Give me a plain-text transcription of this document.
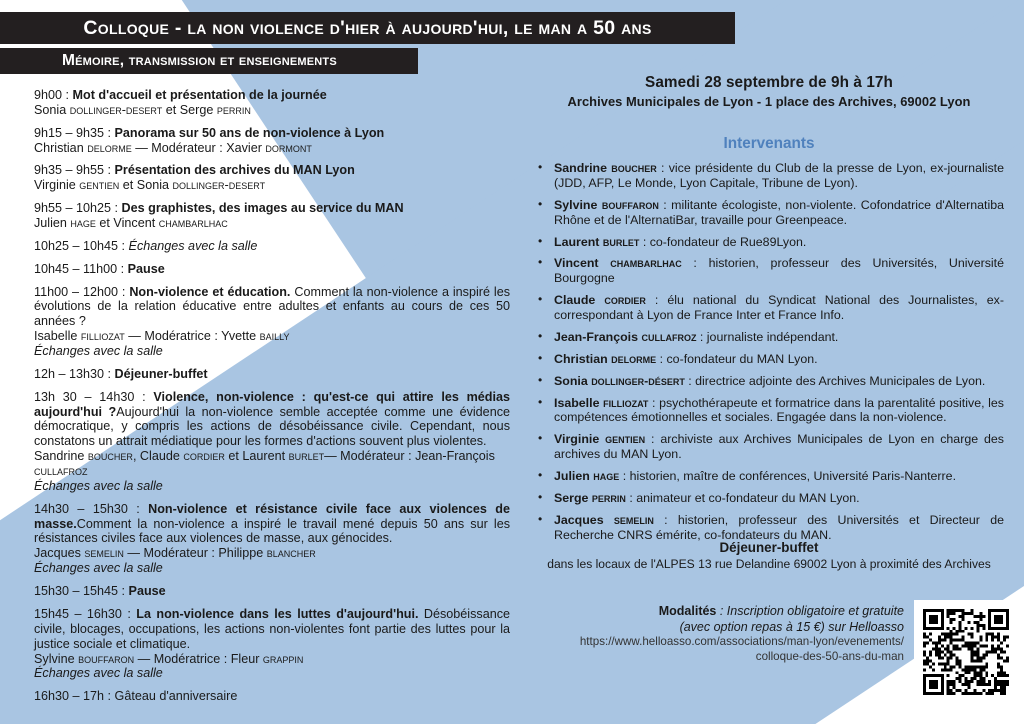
Colloque - la non violence d'hier à aujourd'hui, le man a 50 ans
Mémoire, transmission et enseignements

9h00 : Mot d'accueil et présentation de la journée

Sonia dollinger-desert et Serge perrin

9h15 – 9h35 : Panorama sur 50 ans de non-violence à Lyon

Christian delorme — Modérateur : Xavier dormont

9h35 – 9h55 : Présentation des archives du MAN Lyon

Virginie gentien et Sonia dollinger-desert

9h55 – 10h25 : Des graphistes, des images au service du MAN

Julien hage et Vincent chambarlhac

10h25 – 10h45 : Échanges avec la salle

10h45 – 11h00 : Pause

11h00 – 12h00 : Non-violence et éducation. Comment la non-violence a inspiré les évolutions de la relation éducative entre adultes et enfants au cours de ces 50 années ?

Isabelle filliozat — Modératrice : Yvette bailly

Échanges avec la salle

12h – 13h30 : Déjeuner-buffet

13h 30 – 14h30 : Violence, non-violence : qu'est-ce qui attire les médias aujourd'hui ?Aujourd'hui la non-violence semble acceptée comme une évidence démocratique, y compris les actions de désobéissance civile. Cependant, nous constatons un attrait médiatique pour les formes d'actions souvent plus violentes.

Sandrine boucher, Claude cordier et Laurent burlet— Modérateur : Jean-François cullafroz

Échanges avec la salle

14h30 – 15h30 : Non-violence et résistance civile face aux violences de masse.Comment la non-violence a inspiré le travail mené depuis 50 ans sur les résistances civiles face aux violences de masse, aux génocides.

Jacques semelin — Modérateur : Philippe blancher

Échanges avec la salle

15h30 – 15h45 : Pause

15h45 – 16h30 : La non-violence dans les luttes d'aujourd'hui. Désobéissance civile, blocages, occupations, les actions non-violentes font partie des luttes pour la justice sociale et climatique.

Sylvine bouffaron — Modératrice : Fleur grappin

Échanges avec la salle

16h30 – 17h : Gâteau d'anniversaire

Samedi 28 septembre de 9h à 17h

Archives Municipales de Lyon - 1 place des Archives, 69002 Lyon

Intervenants

• Sandrine boucher : vice présidente du Club de la presse de Lyon, ex-journaliste (JDD, AFP, Le Monde, Lyon Capitale, Tribune de Lyon).
• Sylvine bouffaron : militante écologiste, non-violente. Cofondatrice d'Alternatiba Rhône et de l'AlternatiBar, travaille pour Greenpeace.
• Laurent burlet : co-fondateur de Rue89Lyon.
• Vincent chambarlhac : historien, professeur des Universités, Université Bourgogne
• Claude cordier : élu national du Syndicat National des Journalistes, ex-correspondant à Lyon de France Inter et France Info.
• Jean-François cullafroz : journaliste indépendant.
• Christian delorme : co-fondateur du MAN Lyon.
• Sonia dollinger-désert : directrice adjointe des Archives Municipales de Lyon.
• Isabelle filliozat : psychothérapeute et formatrice dans la parentalité positive, les compétences émotionnelles et sociales. Engagée dans la non-violence.
• Virginie gentien : archiviste aux Archives Municipales de Lyon en charge des archives du MAN Lyon.
• Julien hage : historien, maître de conférences, Université Paris-Nanterre.
• Serge perrin : animateur et co-fondateur du MAN Lyon.
• Jacques semelin : historien, professeur des Universités et Directeur de Recherche CNRS émérite, co-fondateurs du MAN.

Déjeuner-buffet

dans les locaux de l'ALPES 13 rue Delandine 69002 Lyon à proximité des Archives

Modalités : Inscription obligatoire et gratuite
(avec option repas à 15 €) sur Helloasso
https://www.helloasso.com/associations/man-lyon/evenements/
colloque-des-50-ans-du-man
